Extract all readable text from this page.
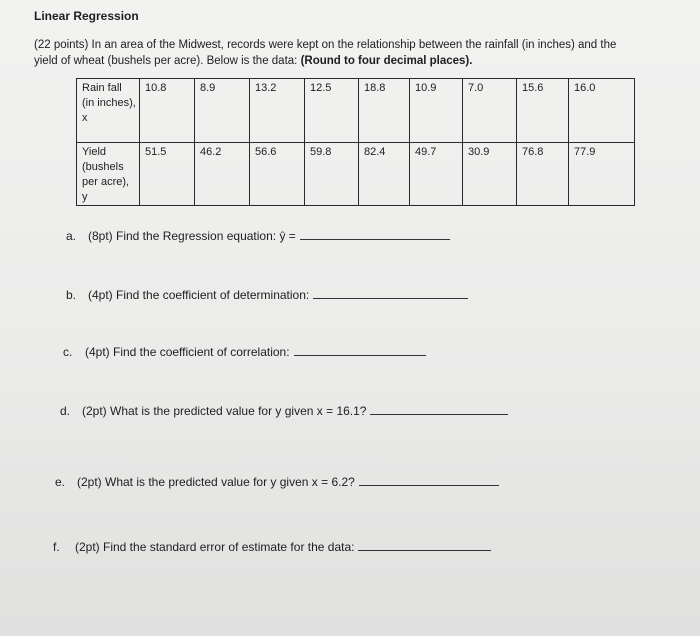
Linear Regression
(22 points) In an area of the Midwest, records were kept on the relationship between the rainfall (in inches) and the yield of wheat (bushels per acre). Below is the data: (Round to four decimal places).
Rain fall (in inches), x	10.8	8.9	13.2	12.5	18.8	10.9	7.0	15.6	16.0
Yield (bushels per acre), y	51.5	46.2	56.6	59.8	82.4	49.7	30.9	76.8	77.9
a. (8pt) Find the Regression equation: ŷ =
b. (4pt) Find the coefficient of determination:
c.	(4pt) Find the coefficient of correlation:
d. (2pt) What is the predicted value for y given x = 16.1?
e. (2pt) What is the predicted value for y given x = 6.2?
f.	(2pt) Find the standard error of estimate for the data:
